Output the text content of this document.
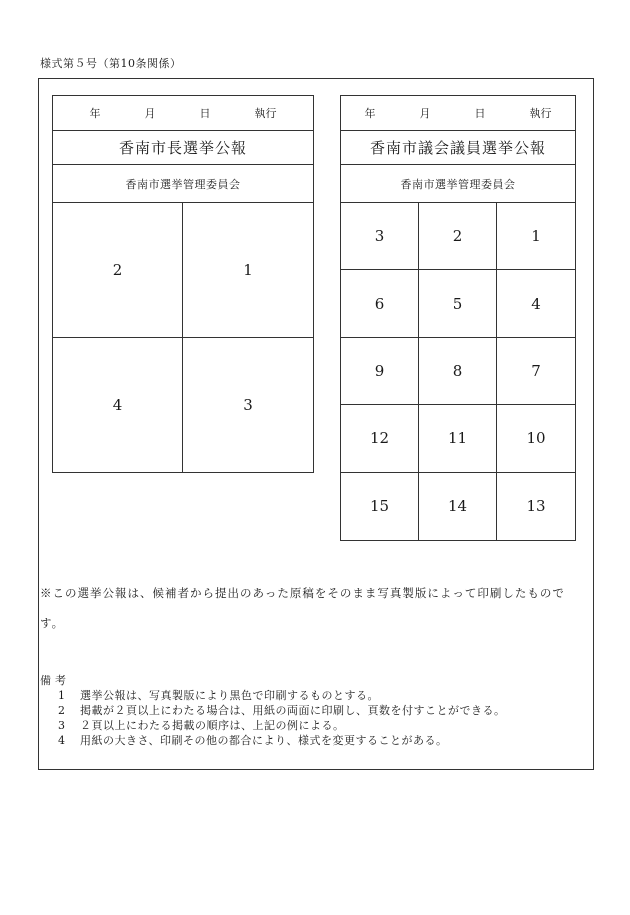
様式第５号（第10条関係）
年	月	日	執行
香南市長選挙公報
香南市選挙管理委員会
2	1
4	3
年	月	日	執行
香南市議会議員選挙公報
香南市選挙管理委員会
3	2	1
6	5	4
9	8	7
12	11	10
15	14	13
※この選挙公報は、候補者から提出のあった原稿をそのまま写真製版によって印刷したものです。
備考
1	選挙公報は、写真製版により黒色で印刷するものとする。
2	掲載が２頁以上にわたる場合は、用紙の両面に印刷し、頁数を付すことができる。
3	２頁以上にわたる掲載の順序は、上記の例による。
4	用紙の大きさ、印刷その他の都合により、様式を変更することがある。
